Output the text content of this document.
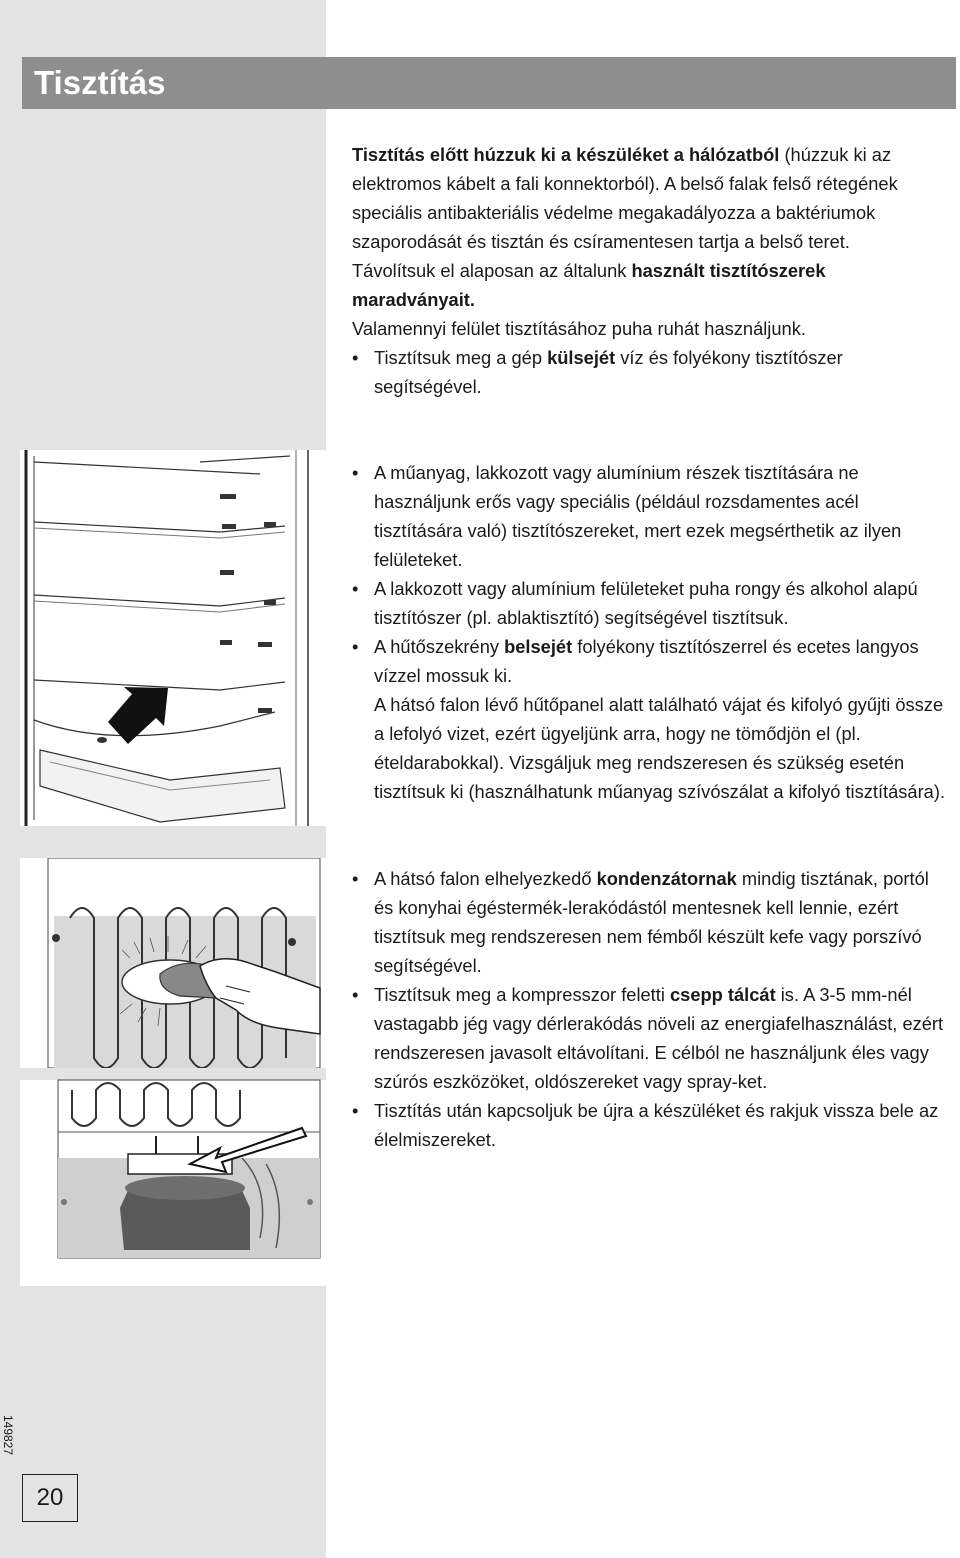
Tisztítás

Tisztítás előtt húzzuk ki a készüléket a hálózatból (húzzuk ki az elektromos kábelt a fali konnektorból). A belső falak felső rétegének speciális antibakteriális védelme megakadályozza a baktériumok szaporodását és tisztán és csíramentesen tartja a belső teret.

Távolítsuk el alaposan az általunk használt tisztítószerek maradványait.

Valamennyi felület tisztításához puha ruhát használjunk.

• Tisztítsuk meg a gép külsejét víz és folyékony tisztítószer segítségével.

• A műanyag, lakkozott vagy alumínium részek tisztítására ne használjunk erős vagy speciális (például rozsdamentes acél tisztítására való) tisztítószereket, mert ezek megsérthetik az ilyen felületeket.

• A lakkozott vagy alumínium felületeket puha rongy és alkohol alapú tisztítószer (pl. ablaktisztító) segítségével tisztítsuk.

• A hűtőszekrény belsejét folyékony tisztítószerrel és ecetes langyos vízzel mossuk ki.

A hátsó falon lévő hűtőpanel alatt található vájat és kifolyó gyűjti össze a lefolyó vizet, ezért ügyeljünk arra, hogy ne tömődjön el (pl. ételdarabokkal). Vizsgáljuk meg rendszeresen és szükség esetén tisztítsuk ki (használhatunk műanyag szívószálat a kifolyó tisztítására).

• A hátsó falon elhelyezkedő kondenzátornak mindig tisztának, portól és konyhai égéstermék-lerakódástól mentesnek kell lennie, ezért tisztítsuk meg rendszeresen nem fémből készült kefe vagy porszívó segítségével.

• Tisztítsuk meg a kompresszor feletti csepp tálcát is. A 3-5 mm-nél vastagabb jég vagy dérlerakódás növeli az energiafelhasználást, ezért rendszeresen javasolt eltávolítani. E célból ne használjunk éles vagy szúrós eszközöket, oldószereket vagy spray-ket.

• Tisztítás után kapcsoljuk be újra a készüléket és rakjuk vissza bele az élelmiszereket.

149827
20
